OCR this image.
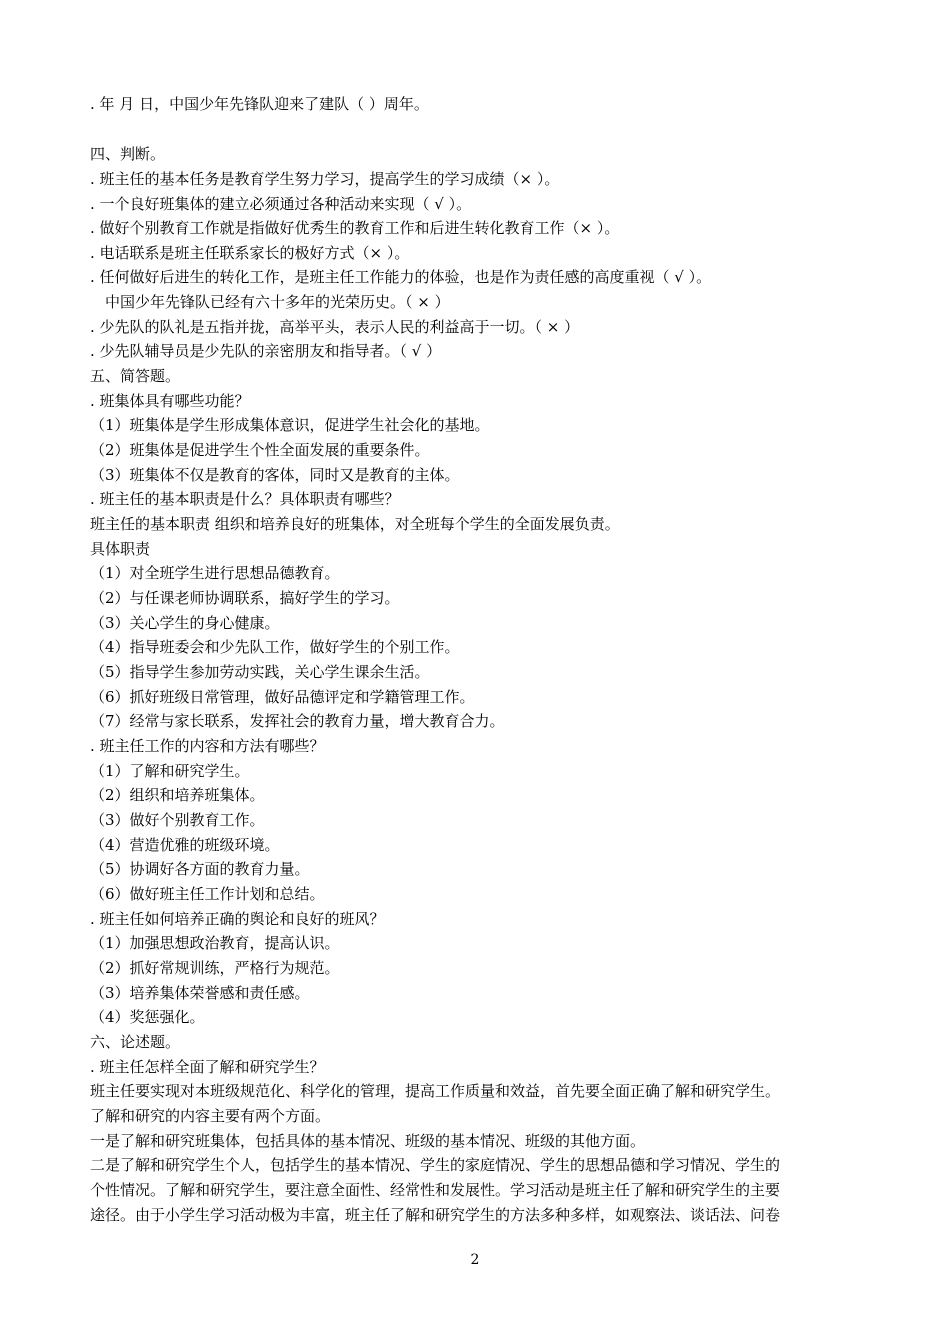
. 年 月 日，中国少年先锋队迎来了建队（ ）周年。
四、判断。
. 班主任的基本任务是教育学生努力学习，提高学生的学习成绩（× ）。
. 一个良好班集体的建立必须通过各种活动来实现（ √ ）。
. 做好个别教育工作就是指做好优秀生的教育工作和后进生转化教育工作（× ）。
. 电话联系是班主任联系家长的极好方式（× ）。
. 任何做好后进生的转化工作，是班主任工作能力的体验，也是作为责任感的高度重视（ √ ）。
中国少年先锋队已经有六十多年的光荣历史。（ × ）
. 少先队的队礼是五指并拢，高举平头，表示人民的利益高于一切。（ × ）
. 少先队辅导员是少先队的亲密朋友和指导者。（ √ ）
五、简答题。
. 班集体具有哪些功能？
（1）班集体是学生形成集体意识，促进学生社会化的基地。
（2）班集体是促进学生个性全面发展的重要条件。
（3）班集体不仅是教育的客体，同时又是教育的主体。
. 班主任的基本职责是什么？具体职责有哪些？
班主任的基本职责 组织和培养良好的班集体，对全班每个学生的全面发展负责。
具体职责
（1）对全班学生进行思想品德教育。
（2）与任课老师协调联系，搞好学生的学习。
（3）关心学生的身心健康。
（4）指导班委会和少先队工作，做好学生的个别工作。
（5）指导学生参加劳动实践，关心学生课余生活。
（6）抓好班级日常管理，做好品德评定和学籍管理工作。
（7）经常与家长联系，发挥社会的教育力量，增大教育合力。
. 班主任工作的内容和方法有哪些？
（1）了解和研究学生。
（2）组织和培养班集体。
（3）做好个别教育工作。
（4）营造优雅的班级环境。
（5）协调好各方面的教育力量。
（6）做好班主任工作计划和总结。
. 班主任如何培养正确的舆论和良好的班风？
（1）加强思想政治教育，提高认识。
（2）抓好常规训练，严格行为规范。
（3）培养集体荣誉感和责任感。
（4）奖惩强化。
六、论述题。
. 班主任怎样全面了解和研究学生？
班主任要实现对本班级规范化、科学化的管理，提高工作质量和效益，首先要全面正确了解和研究学生。
了解和研究的内容主要有两个方面。
一是了解和研究班集体，包括具体的基本情况、班级的基本情况、班级的其他方面。
二是了解和研究学生个人，包括学生的基本情况、学生的家庭情况、学生的思想品德和学习情况、学生的
个性情况。了解和研究学生，要注意全面性、经常性和发展性。学习活动是班主任了解和研究学生的主要
途径。由于小学生学习活动极为丰富，班主任了解和研究学生的方法多种多样，如观察法、谈话法、问卷
2
